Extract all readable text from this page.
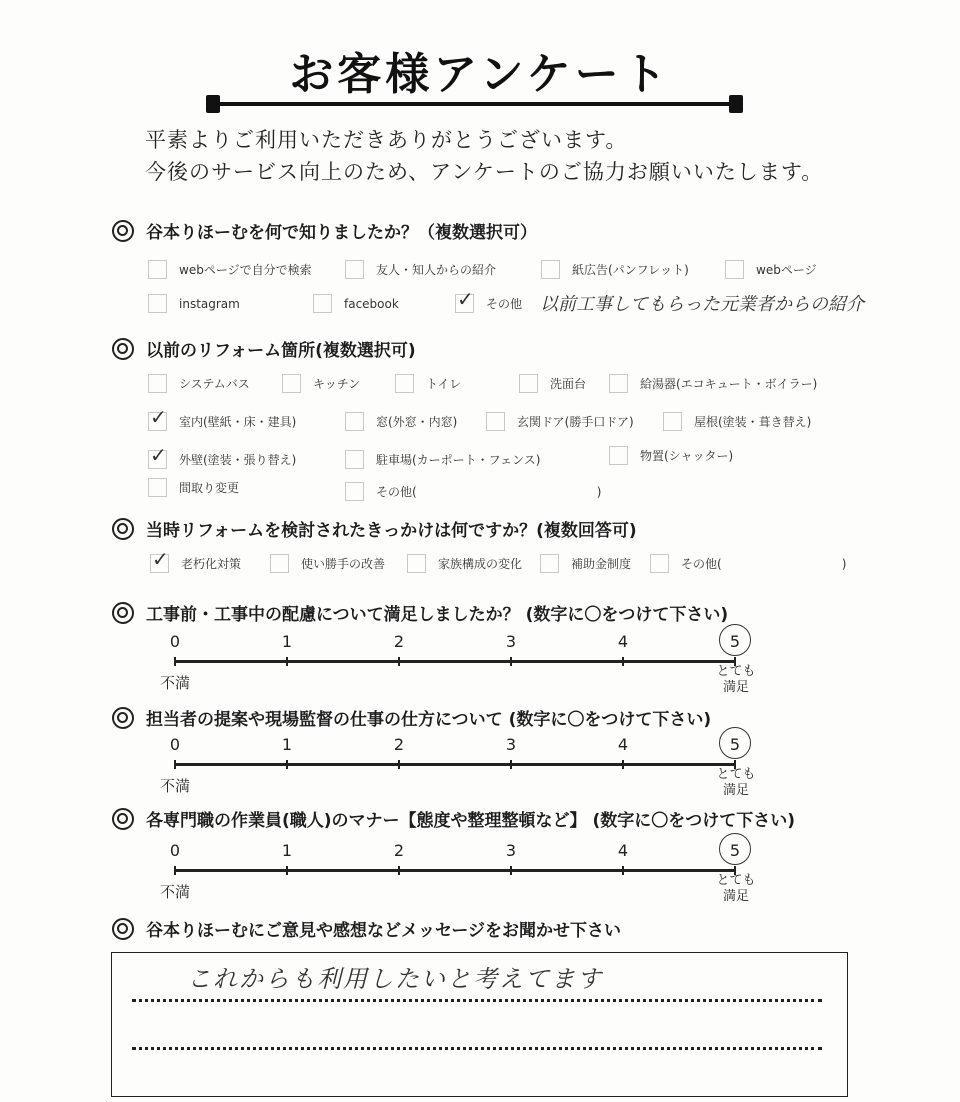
お客様アンケート
平素よりご利用いただきありがとうございます。
今後のサービス向上のため、アンケートのご協力お願いいたします。
谷本りほーむを何で知りましたか？（複数選択可）
webページで自分で検索	友人・知人からの紹介	紙広告(パンフレット)	webページ
instagram	facebook
✓	その他 以前工事してもらった元業者からの紹介
以前のリフォーム箇所(複数選択可)
システムバス	キッチン	トイレ	洗面台	給湯器(エコキュート・ボイラー)
✓
室内(壁紙・床・建具)	窓(外窓・内窓)	玄関ドア(勝手口ドア)	屋根(塗装・葺き替え)
✓
外壁(塗装・張り替え)	駐車場(カーポート・フェンス)	物置(シャッター)
間取り変更	その他(	)
当時リフォームを検討されたきっかけは何ですか？(複数回答可)
✓
老朽化対策	使い勝手の改善	家族構成の変化	補助金制度	その他(	)
工事前・工事中の配慮について満足しましたか？ (数字に〇をつけて下さい)
0	1	2	3	4	5
不満
とても
満足
担当者の提案や現場監督の仕事の仕方について (数字に〇をつけて下さい)
0	1	2	3	4	5
不満
とても
満足
各専門職の作業員(職人)のマナー【態度や整理整頓など】 (数字に〇をつけて下さい)
0	1	2	3	4	5
不満
とても
満足
谷本りほーむにご意見や感想などメッセージをお聞かせ下さい
これからも利用したいと考えてます
